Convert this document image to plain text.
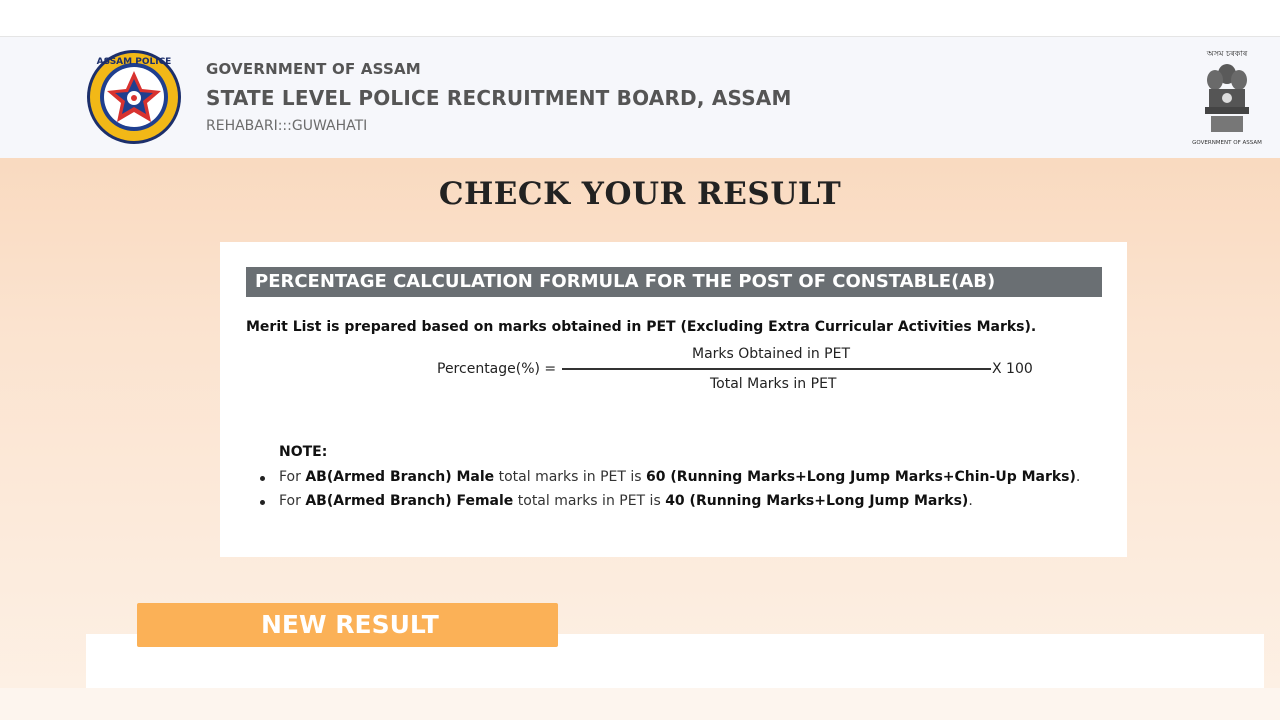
ASSAM POLICE GOVERNMENT OF ASSAM
STATE LEVEL POLICE RECRUITMENT BOARD, ASSAM
REHABARI:::GUWAHATI
অসম চৰকাৰ
GOVERNMENT OF ASSAM
CHECK YOUR RESULT
PERCENTAGE CALCULATION FORMULA FOR THE POST OF CONSTABLE(AB)
Merit List is prepared based on marks obtained in PET (Excluding Extra Curricular Activities Marks).
Percentage(%) =
Marks Obtained in PET
Total Marks in PET
X 100
NOTE:
For AB(Armed Branch) Male total marks in PET is 60 (Running Marks+Long Jump Marks+Chin-Up Marks).
For AB(Armed Branch) Female total marks in PET is 40 (Running Marks+Long Jump Marks).
NEW RESULT
